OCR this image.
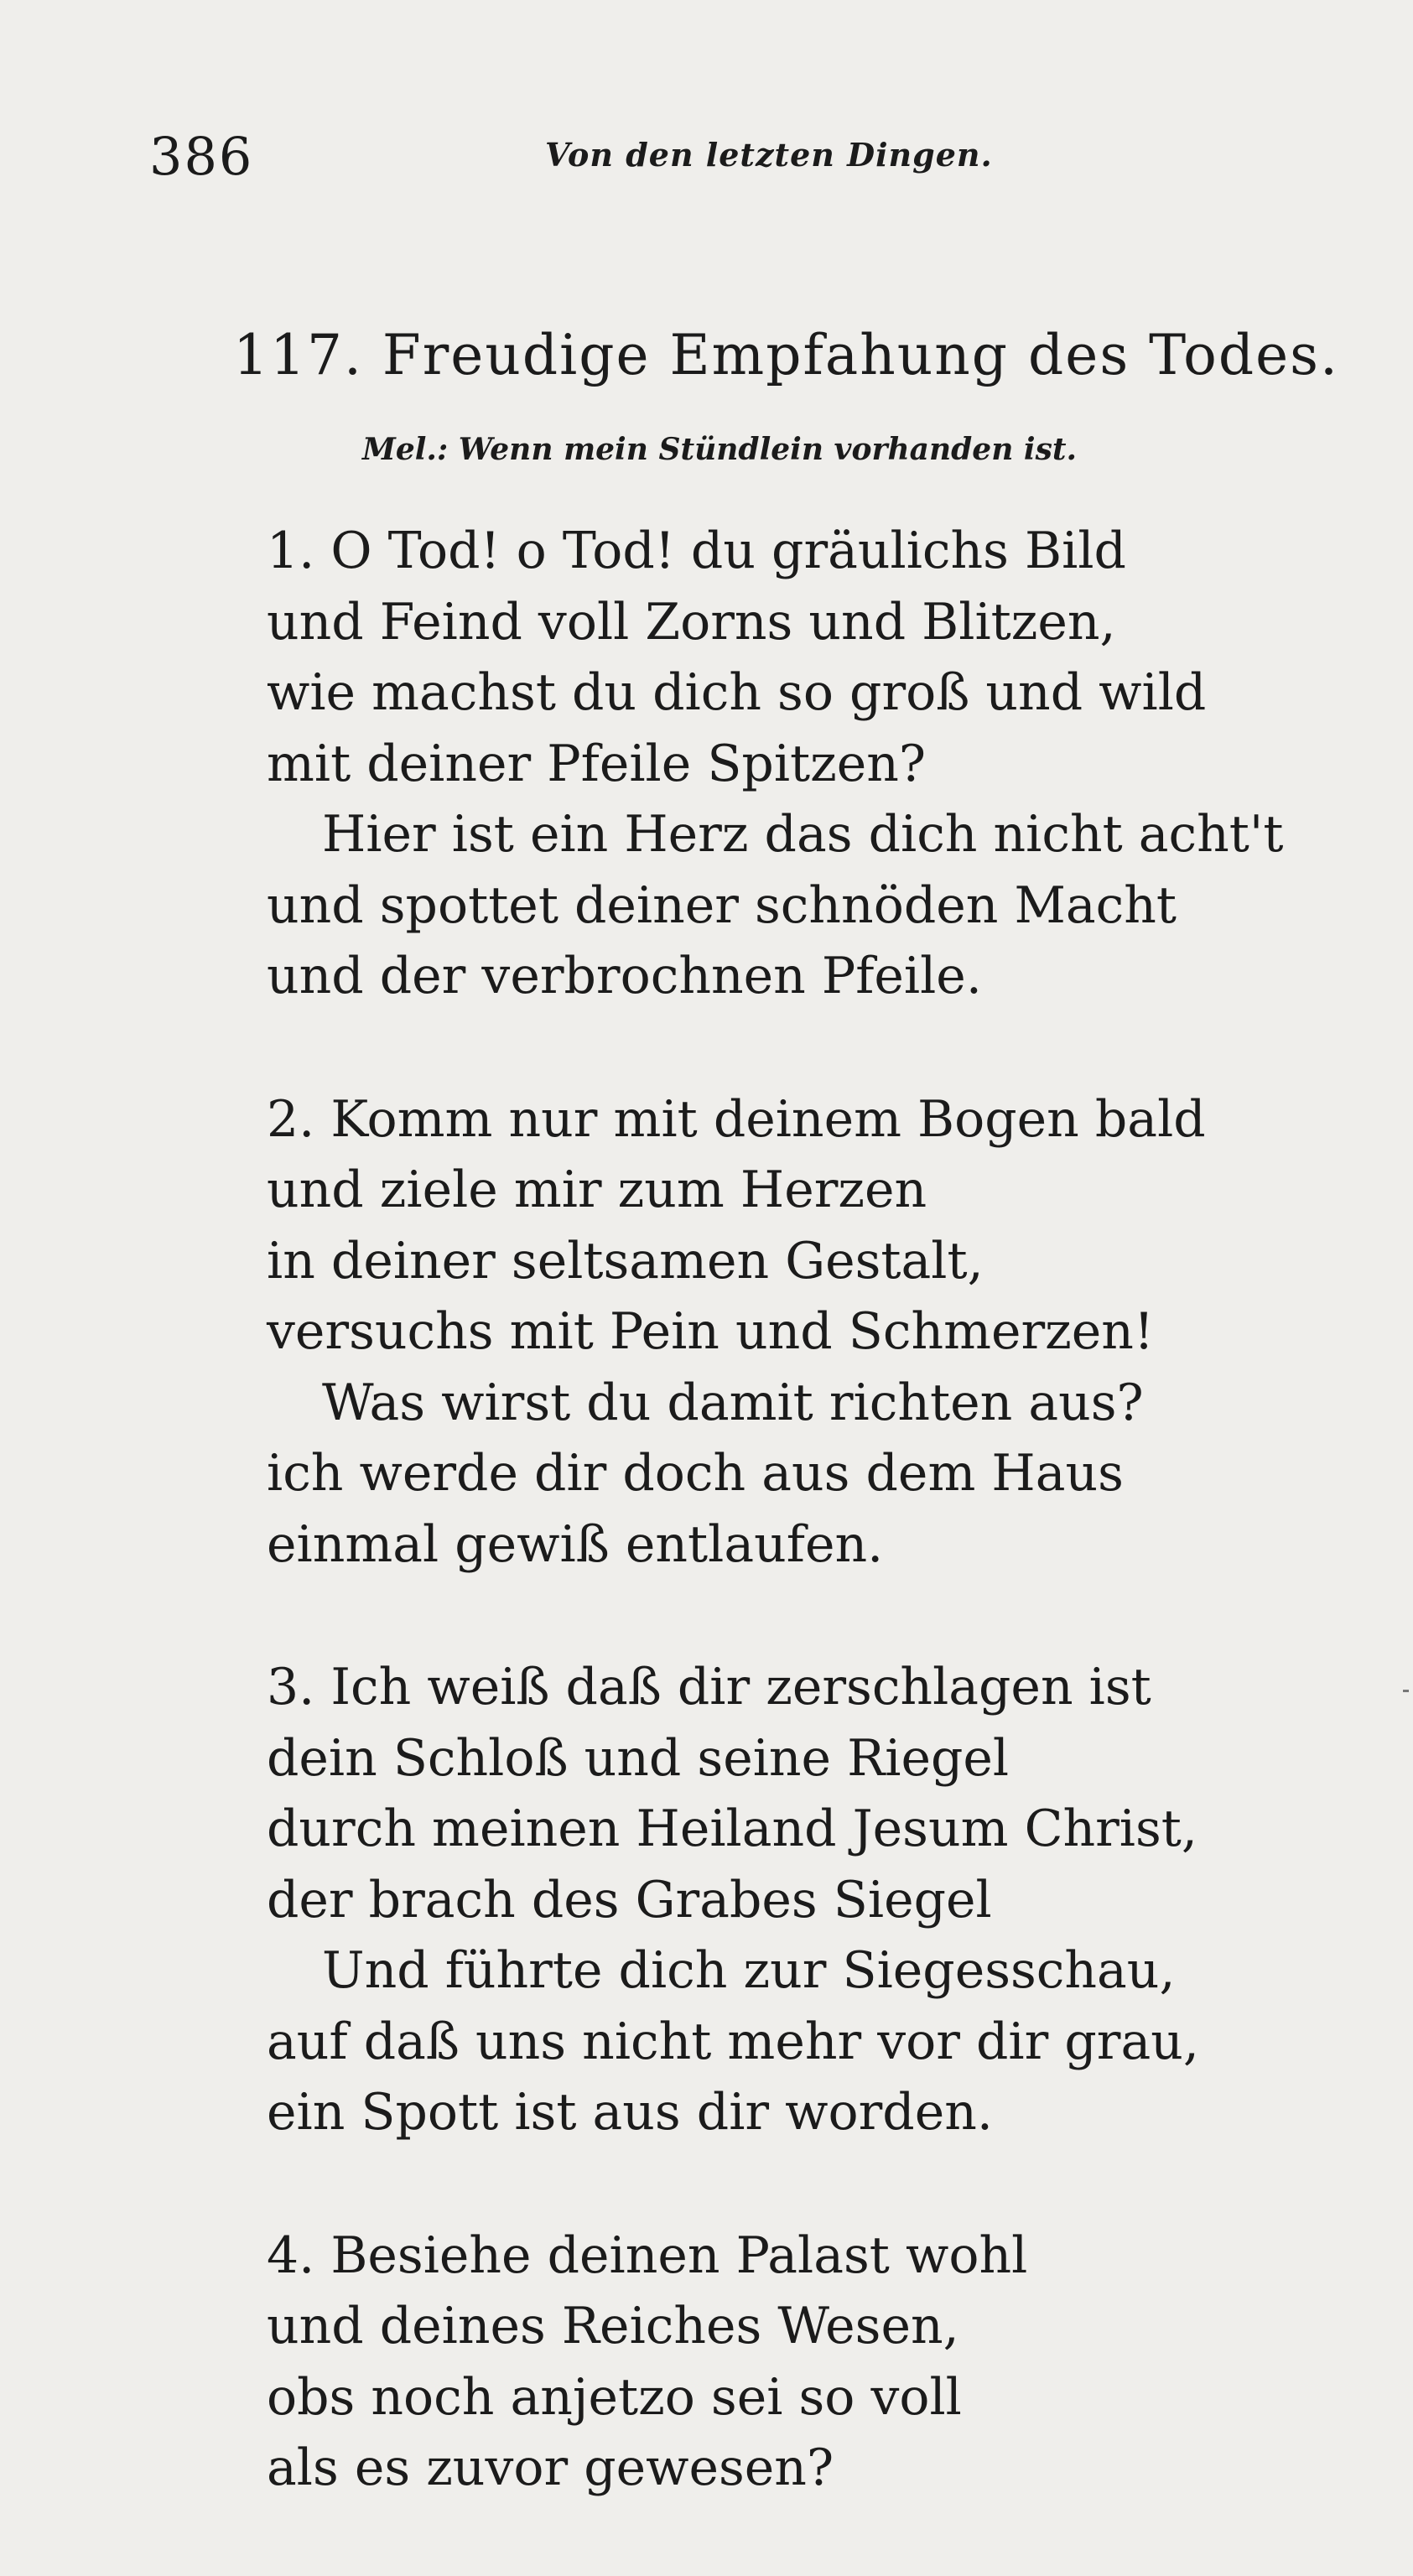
386	Von den letzten Dingen.
117. Freudige Empfahung des Todes.
Mel.: Wenn mein Stündlein vorhanden ist.
1. O Tod! o Tod! du gräulichs Bild
und Feind voll Zorns und Blitzen,
wie machst du dich so groß und wild
mit deiner Pfeile Spitzen?
Hier ist ein Herz das dich nicht acht't
und spottet deiner schnöden Macht
und der verbrochnen Pfeile.
2. Komm nur mit deinem Bogen bald
und ziele mir zum Herzen
in deiner seltsamen Gestalt,
versuchs mit Pein und Schmerzen!
Was wirst du damit richten aus?
ich werde dir doch aus dem Haus
einmal gewiß entlaufen.
3. Ich weiß daß dir zerschlagen ist
dein Schloß und seine Riegel
durch meinen Heiland Jesum Christ,
der brach des Grabes Siegel
Und führte dich zur Siegesschau,
auf daß uns nicht mehr vor dir grau,
ein Spott ist aus dir worden.
4. Besiehe deinen Palast wohl
und deines Reiches Wesen,
obs noch anjetzo sei so voll
als es zuvor gewesen?
